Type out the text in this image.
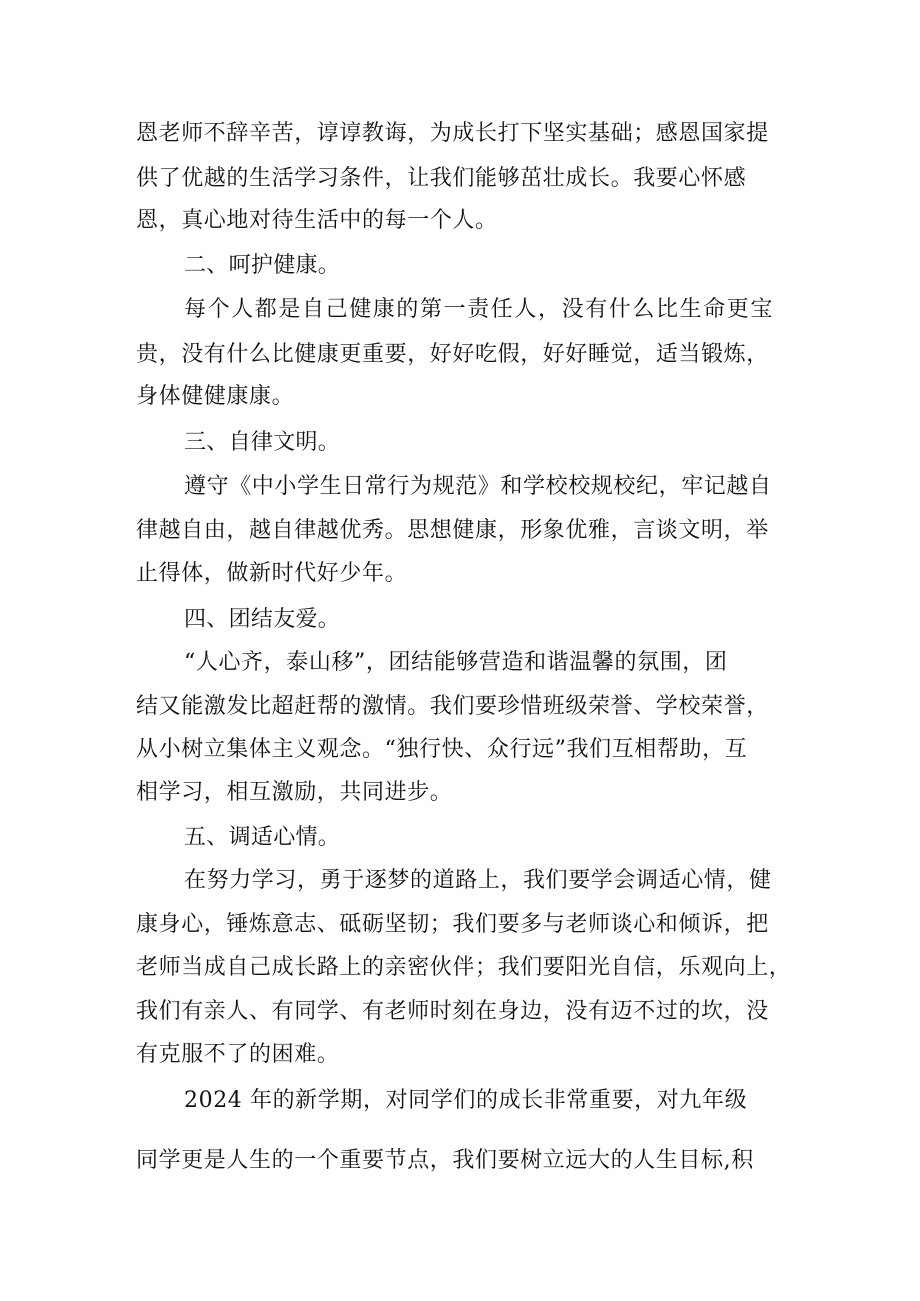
恩老师不辞辛苦，谆谆教诲，为成长打下坚实基础；感恩国家提
供了优越的生活学习条件，让我们能够茁壮成长。我要心怀感
恩，真心地对待生活中的每一个人。
二、呵护健康。
每个人都是自己健康的第一责任人，没有什么比生命更宝
贵，没有什么比健康更重要，好好吃假，好好睡觉，适当锻炼，
身体健健康康。
三、自律文明。
遵守《中小学生日常行为规范》和学校校规校纪，牢记越自
律越自由，越自律越优秀。思想健康，形象优雅，言谈文明，举
止得体，做新时代好少年。
四、团结友爱。
“人心齐，泰山移”，团结能够营造和谐温馨的氛围，团
结又能激发比超赶帮的激情。我们要珍惜班级荣誉、学校荣誉，
从小树立集体主义观念。“独行快、众行远”我们互相帮助，互
相学习，相互激励，共同进步。
五、调适心情。
在努力学习，勇于逐梦的道路上，我们要学会调适心情，健
康身心，锤炼意志、砥砺坚韧；我们要多与老师谈心和倾诉，把
老师当成自己成长路上的亲密伙伴；我们要阳光自信，乐观向上，
我们有亲人、有同学、有老师时刻在身边，没有迈不过的坎，没
有克服不了的困难。
2024 年的新学期，对同学们的成长非常重要，对九年级
同学更是人生的一个重要节点，我们要树立远大的人生目标,积
